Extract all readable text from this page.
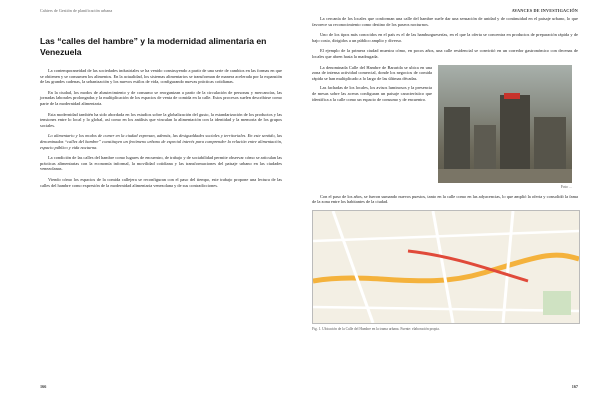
Cahiers de Gestión de planificación urbana
Las “calles del hambre” y la modernidad alimentaria en Venezuela

La contemporaneidad de las sociedades industriales se ha venido construyendo a partir de una serie de cambios en las formas en que se obtienen y se consumen los alimentos. En la actualidad, los sistemas alimentarios se transforman de manera acelerada por la expansión de las grandes cadenas, la urbanización y los nuevos estilos de vida, configurando nuevas prácticas cotidianas.

En la ciudad, los modos de abastecimiento y de consumo se reorganizan a partir de la circulación de personas y mercancías, las jornadas laborales prolongadas y la multiplicación de los espacios de venta de comida en la calle. Estos procesos suelen describirse como parte de la modernidad alimentaria.

Esta modernidad también ha sido abordada en los estudios sobre la globalización del gusto, la estandarización de los productos y las tensiones entre lo local y lo global, así como en los análisis que vinculan la alimentación con la identidad y la memoria de los grupos sociales.

Lo alimentario y los modos de comer en la ciudad expresan, además, las desigualdades sociales y territoriales. En este sentido, las denominadas “calles del hambre” constituyen un fenómeno urbano de especial interés para comprender la relación entre alimentación, espacio público y vida nocturna.

La condición de las calles del hambre como lugares de encuentro, de trabajo y de sociabilidad permite observar cómo se articulan las prácticas alimentarias con la economía informal, la movilidad cotidiana y las transformaciones del paisaje urbano en las ciudades venezolanas.

Viendo cómo los espacios de la comida callejera se reconfiguran con el paso del tiempo, este trabajo propone una lectura de las calles del hambre como expresión de la modernidad alimentaria venezolana y de sus contradicciones.

166
AVANCES DE INVESTIGACIÓN

La cercanía de los locales que conforman una calle del hambre suele dar una sensación de unidad y de continuidad en el paisaje urbano, lo que favorece su reconocimiento como destino de los paseos nocturnos.

Uno de los tipos más conocidos en el país es el de las hamburgueserías, en el que la oferta se concentra en productos de preparación rápida y de bajo costo, dirigidos a un público amplio y diverso.

El ejemplo de la primera ciudad muestra cómo, en pocos años, una calle residencial se convirtió en un corredor gastronómico con decenas de locales que abren hasta la madrugada.

La denominada Calle del Hambre de Bararida se ubica en una zona de intensa actividad comercial, donde los negocios de comida rápida se han multiplicado a lo largo de las últimas décadas.

Las fachadas de los locales, los avisos luminosos y la presencia de mesas sobre las aceras configuran un paisaje característico que identifica a la calle como un espacio de consumo y de encuentro.

Foto: ...

Con el paso de los años, se fueron sumando nuevos puestos, tanto en la calle como en las adyacencias, lo que amplió la oferta y consolidó la fama de la zona entre los habitantes de la ciudad.

Fig. 1. Ubicación de la Calle del Hambre en la trama urbana. Fuente: elaboración propia.
167
